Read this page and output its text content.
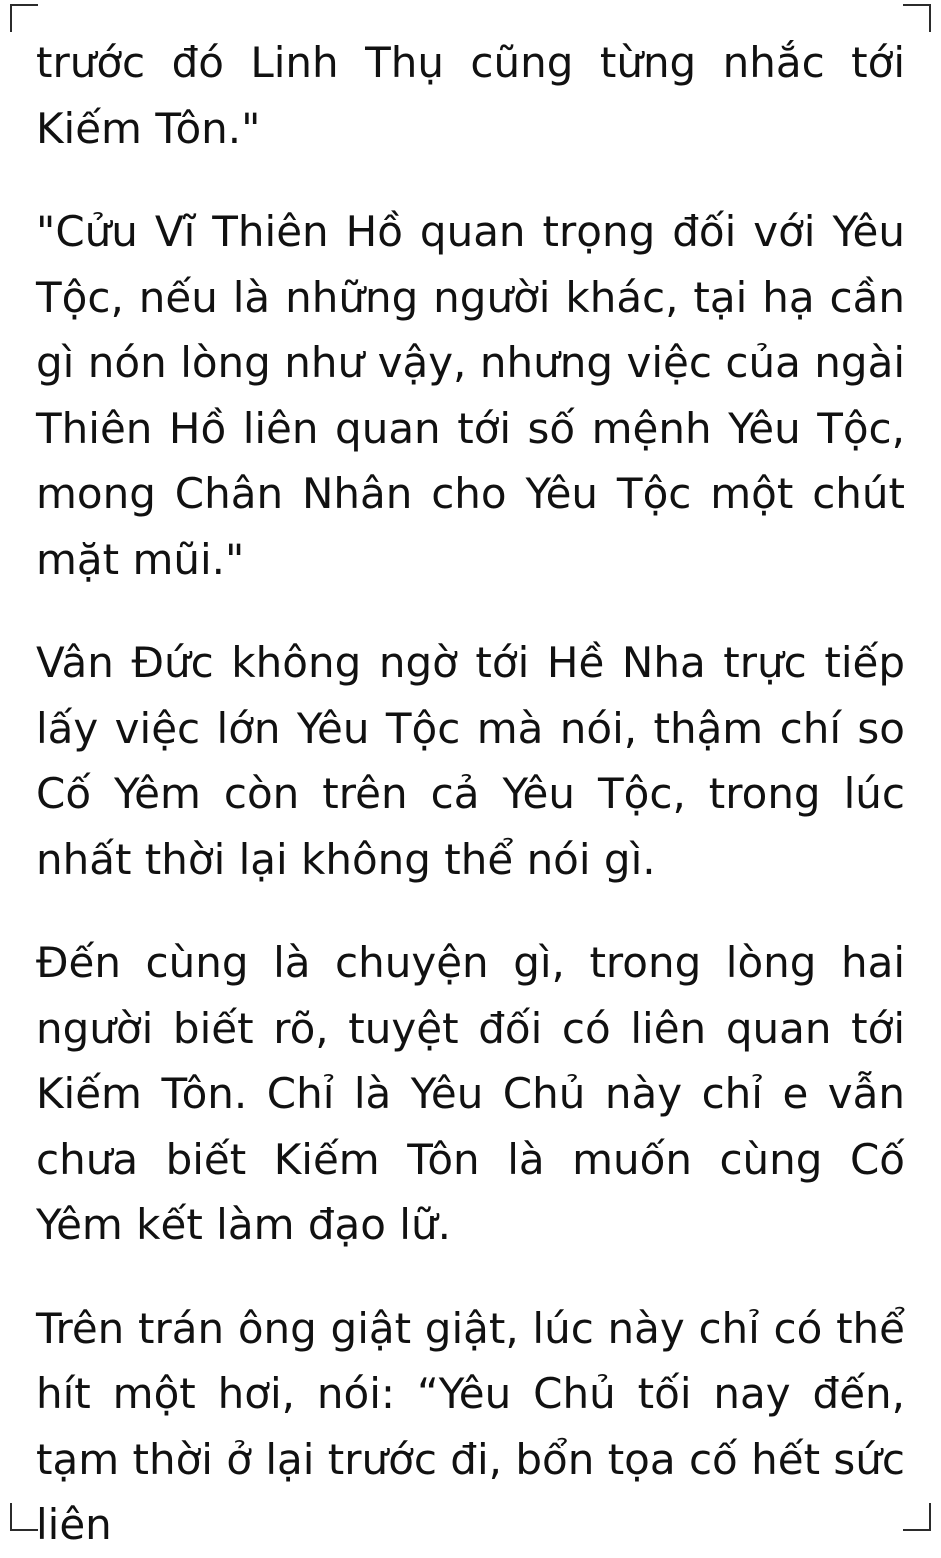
trước đó Linh Thụ cũng từng nhắc tới Kiếm Tôn."

"Cửu Vĩ Thiên Hồ quan trọng đối với Yêu Tộc, nếu là những người khác, tại hạ cần gì nón lòng như vậy, nhưng việc của ngài Thiên Hồ liên quan tới số mệnh Yêu Tộc, mong Chân Nhân cho Yêu Tộc một chút mặt mũi."

Vân Đức không ngờ tới Hề Nha trực tiếp lấy việc lớn Yêu Tộc mà nói, thậm chí so Cố Yêm còn trên cả Yêu Tộc, trong lúc nhất thời lại không thể nói gì.

Đến cùng là chuyện gì, trong lòng hai người biết rõ, tuyệt đối có liên quan tới Kiếm Tôn. Chỉ là Yêu Chủ này chỉ e vẫn chưa biết Kiếm Tôn là muốn cùng Cố Yêm kết làm đạo lữ.

Trên trán ông giật giật, lúc này chỉ có thể hít một hơi, nói: “Yêu Chủ tối nay đến, tạm thời ở lại trước đi, bổn tọa cố hết sức liên
